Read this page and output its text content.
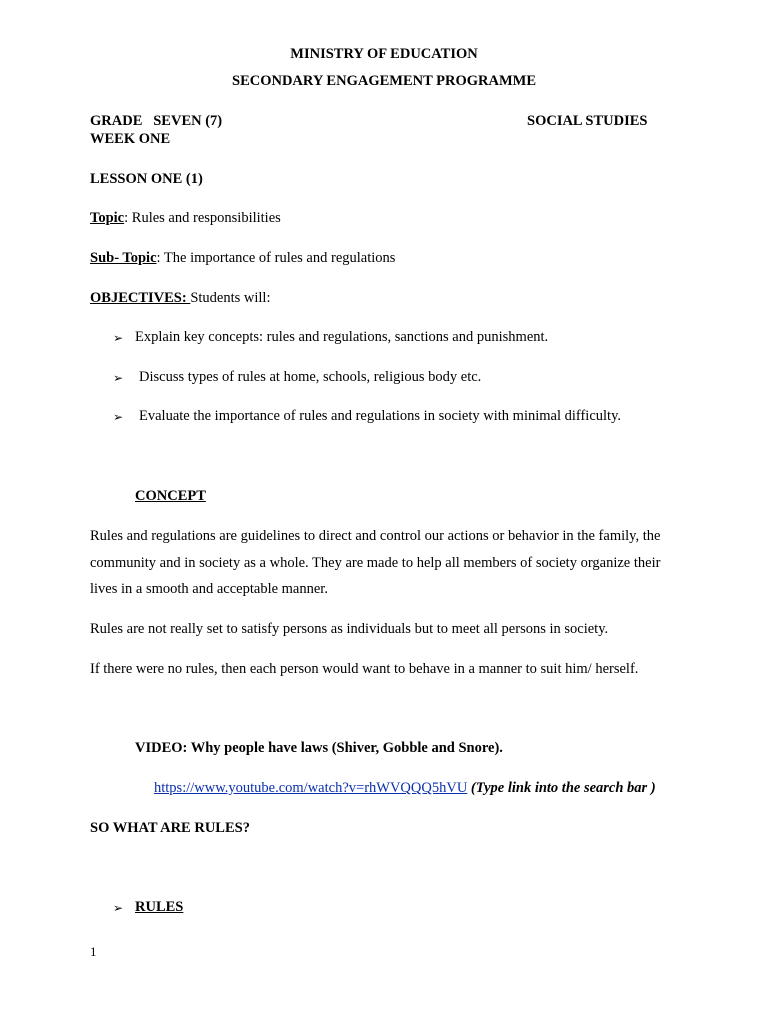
MINISTRY OF EDUCATION
SECONDARY ENGAGEMENT PROGRAMME
GRADE   SEVEN (7)	SOCIAL STUDIES
WEEK ONE
LESSON ONE (1)
Topic: Rules and responsibilities
Sub- Topic: The importance of rules and regulations
OBJECTIVES: Students will:
➢ Explain key concepts: rules and regulations, sanctions and punishment.
➢ Discuss types of rules at home, schools, religious body etc.
➢ Evaluate the importance of rules and regulations in society with minimal difficulty.
CONCEPT
Rules and regulations are guidelines to direct and control our actions or behavior in the family, the
community and in society as a whole. They are made to help all members of society organize their
lives in a smooth and acceptable manner.
Rules are not really set to satisfy persons as individuals but to meet all persons in society.
If there were no rules, then each person would want to behave in a manner to suit him/ herself.
VIDEO: Why people have laws (Shiver, Gobble and Snore).
https://www.youtube.com/watch?v=rhWVQQQ5hVU (Type link into the search bar )
SO WHAT ARE RULES?
➢ RULES
1
